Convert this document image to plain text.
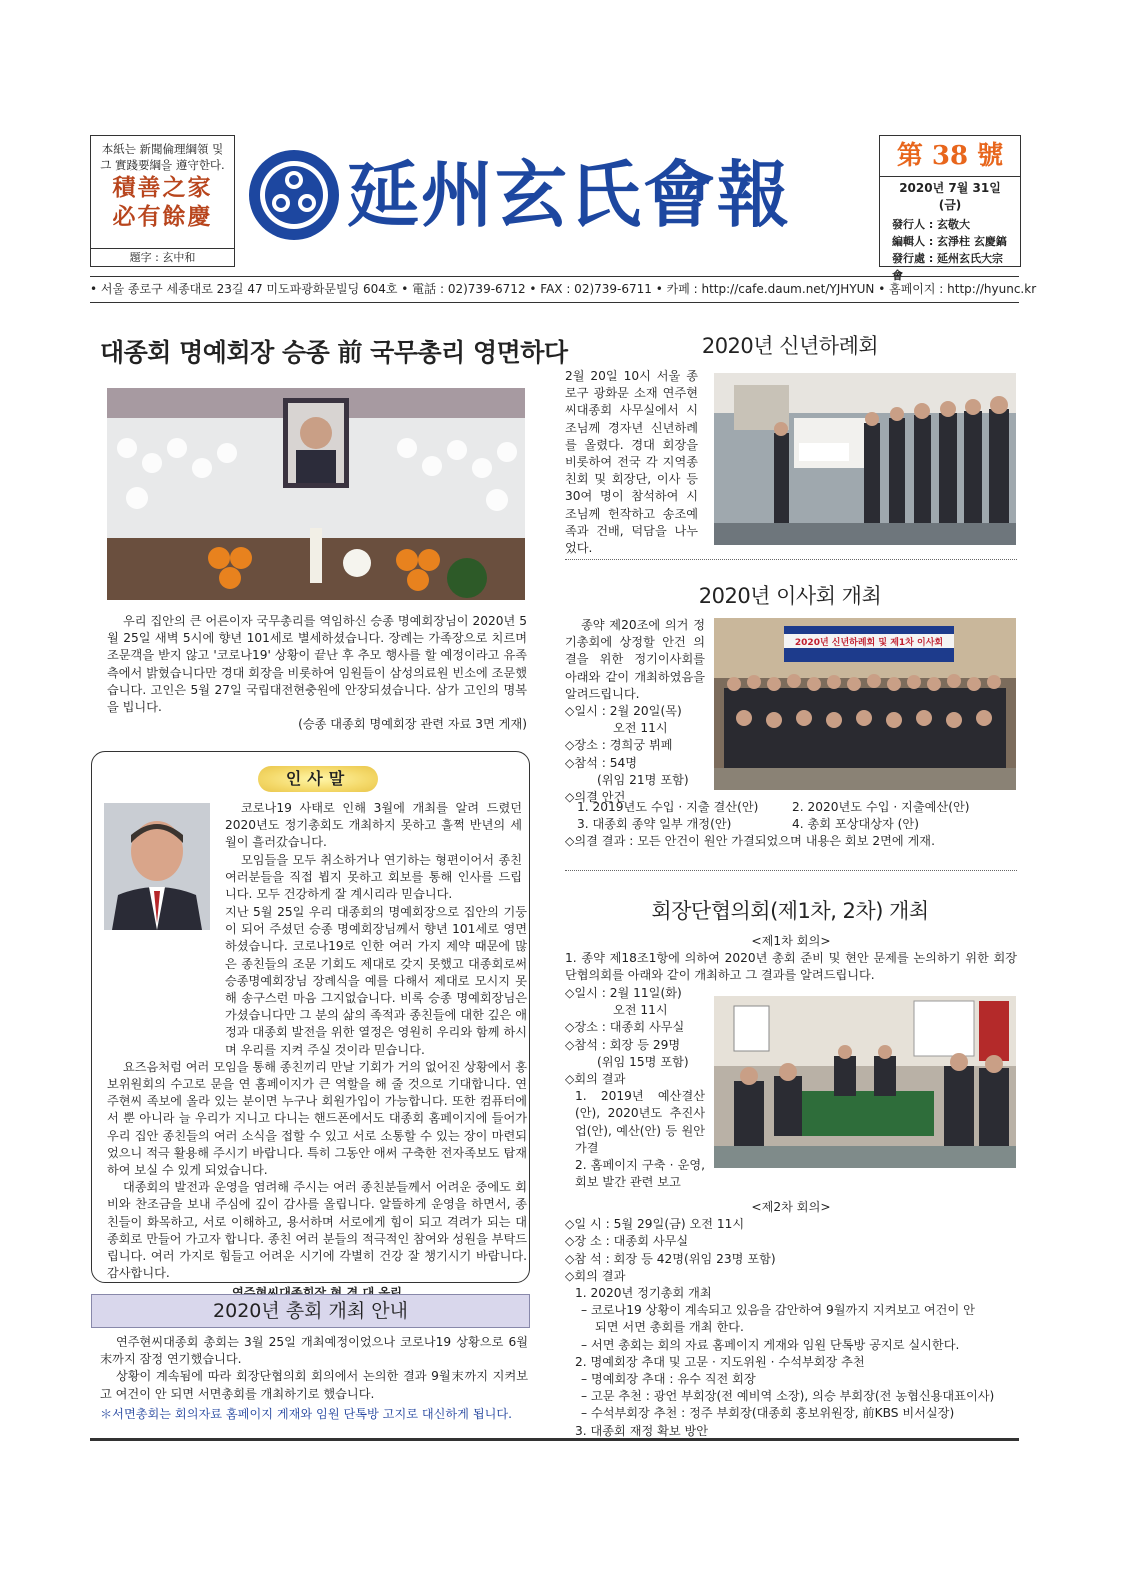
本紙는 新聞倫理綱領 및 그 實踐要綱을 遵守한다.
積善之家
必有餘慶
題字 : 玄中和
延州玄氏會報	第 38 號
2020년 7월 31일 (금)
發行人 : 玄敬大
編輯人 : 玄淨柱 玄慶鎬
發行處 : 延州玄氏大宗會
• 서울 종로구 세종대로 23길 47 미도파광화문빌딩 604호 • 電話 : 02)739-6712 • FAX : 02)739-6711 • 카페 : http://cafe.daum.net/YJHYUN • 홈페이지 : http://hyunc.kr
대종회 명예회장 승종 前 국무총리 영면하다

우리 집안의 큰 어른이자 국무총리를 역임하신 승종 명예회장님이 2020년 5월 25일 새벽 5시에 향년 101세로 별세하셨습니다. 장례는 가족장으로 치르며 조문객을 받지 않고 '코로나19' 상황이 끝난 후 추모 행사를 할 예정이라고 유족 측에서 밝혔습니다만 경대 회장을 비롯하여 임원들이 삼성의료원 빈소에 조문했습니다. 고인은 5월 27일 국립대전현충원에 안장되셨습니다. 삼가 고인의 명복을 빕니다.

(승종 대종회 명예회장 관련 자료 3면 게재)
인사말

코로나19 사태로 인해 3월에 개최를 알려 드렸던 2020년도 정기총회도 개최하지 못하고 훌쩍 반년의 세월이 흘러갔습니다.

모임들을 모두 취소하거나 연기하는 형편이어서 종친 여러분들을 직접 뵙지 못하고 회보를 통해 인사를 드립니다. 모두 건강하게 잘 계시리라 믿습니다.

지난 5월 25일 우리 대종회의 명예회장으로 집안의 기둥이 되어 주셨던 승종 명예회장님께서 향년 101세로 영면하셨습니다. 코로나19로 인한 여러 가지 제약 때문에 많은 종친들의 조문 기회도 제대로 갖지 못했고 대종회로써 승종명예회장님 장례식을 예를 다해서 제대로 모시지 못해 송구스런 마음 그지없습니다. 비록 승종 명예회장님은 가셨습니다만 그 분의 삶의 족적과 종친들에 대한 깊은 애정과 대종회 발전을 위한 열정은 영원히 우리와 함께 하시며 우리를 지켜 주실 것이라 믿습니다.

요즈음처럼 여러 모임을 통해 종친끼리 만날 기회가 거의 없어진 상황에서 홍보위원회의 수고로 문을 연 홈페이지가 큰 역할을 해 줄 것으로 기대합니다. 연주현씨 족보에 올라 있는 분이면 누구나 회원가입이 가능합니다. 또한 컴퓨터에서 뿐 아니라 늘 우리가 지니고 다니는 핸드폰에서도 대종회 홈페이지에 들어가 우리 집안 종친들의 여러 소식을 접할 수 있고 서로 소통할 수 있는 장이 마련되었으니 적극 활용해 주시기 바랍니다. 특히 그동안 애써 구축한 전자족보도 탑재하여 보실 수 있게 되었습니다.

대종회의 발전과 운영을 염려해 주시는 여러 종친분들께서 어려운 중에도 회비와 찬조금을 보내 주심에 깊이 감사를 올립니다. 알뜰하게 운영을 하면서, 종친들이 화목하고, 서로 이해하고, 용서하며 서로에게 힘이 되고 격려가 되는 대종회로 만들어 가고자 합니다. 종친 여러 분들의 적극적인 참여와 성원을 부탁드립니다. 여러 가지로 힘들고 어려운 시기에 각별히 건강 잘 챙기시기 바랍니다. 감사합니다.

2020년 총회 개최 안내

연주현씨대종회 총회는 3월 25일 개최예정이었으나 코로나19 상황으로 6월末까지 잠정 연기했습니다.

상황이 계속됨에 따라 회장단협의회 회의에서 논의한 결과 9월末까지 지켜보고 여건이 안 되면 서면총회를 개최하기로 했습니다.

＊서면총회는 회의자료 홈페이지 게재와 임원 단톡방 고지로 대신하게 됩니다.
2020년 신년하례회
2월 20일 10시 서울 종로구 광화문 소재 연주현씨대종회 사무실에서 시조님께 경자년 신년하례를 올렸다. 경대 회장을 비롯하여 전국 각 지역종친회 및 회장단, 이사 등 30여 명이 참석하여 시조님께 헌작하고 송조예족과 건배, 덕담을 나누었다.
2020년 이사회 개최
종약 제20조에 의거 정기총회에 상정할 안건 의결을 위한 정기이사회를 아래와 같이 개최하였음을 알려드립니다.
◇일시 : 2월 20일(목)
오전 11시
◇장소 : 경희궁 뷔페
◇참석 : 54명
(위임 21명 포함)
◇의결 안건
2020년 신년하례회 및 제1차 이사회
1. 2019년도 수입 · 지출 결산(안)	2. 2020년도 수입 · 지출예산(안)
3. 대종회 종약 일부 개정(안)	4. 총회 포상대상자 (안)
◇의결 결과 : 모든 안건이 원안 가결되었으며 내용은 회보 2면에 게재.
회장단협의회(제1차, 2차) 개최
<제1차 회의>
1. 종약 제18조1항에 의하여 2020년 총회 준비 및 현안 문제를 논의하기 위한 회장단협의회를 아래와 같이 개최하고 그 결과를 알려드립니다.
◇일시 : 2월 11일(화)
오전 11시
◇장소 : 대종회 사무실
◇참석 : 회장 등 29명
(위임 15명 포함)
◇회의 결과
1. 2019년 예산결산(안), 2020년도 추진사업(안), 예산(안) 등 원안 가결
2. 홈페이지 구축 · 운영, 회보 발간 관련 보고
<제2차 회의>
◇일 시 : 5월 29일(금) 오전 11시
◇장 소 : 대종회 사무실
◇참 석 : 회장 등 42명(위임 23명 포함)
◇회의 결과
1. 2020년 정기총회 개최
– 코로나19 상황이 계속되고 있음을 감안하여 9월까지 지켜보고 여건이 안
되면 서면 총회를 개최 한다.
– 서면 총회는 회의 자료 홈페이지 게재와 임원 단톡방 공지로 실시한다.
2. 명예회장 추대 및 고문 · 지도위원 · 수석부회장 추천
– 명예회장 추대 : 유수 직전 회장
– 고문 추천 : 광언 부회장(전 예비역 소장), 의승 부회장(전 농협신용대표이사)
– 수석부회장 추천 : 정주 부회장(대종회 홍보위원장, 前KBS 비서실장)
3. 대종회 재정 확보 방안
